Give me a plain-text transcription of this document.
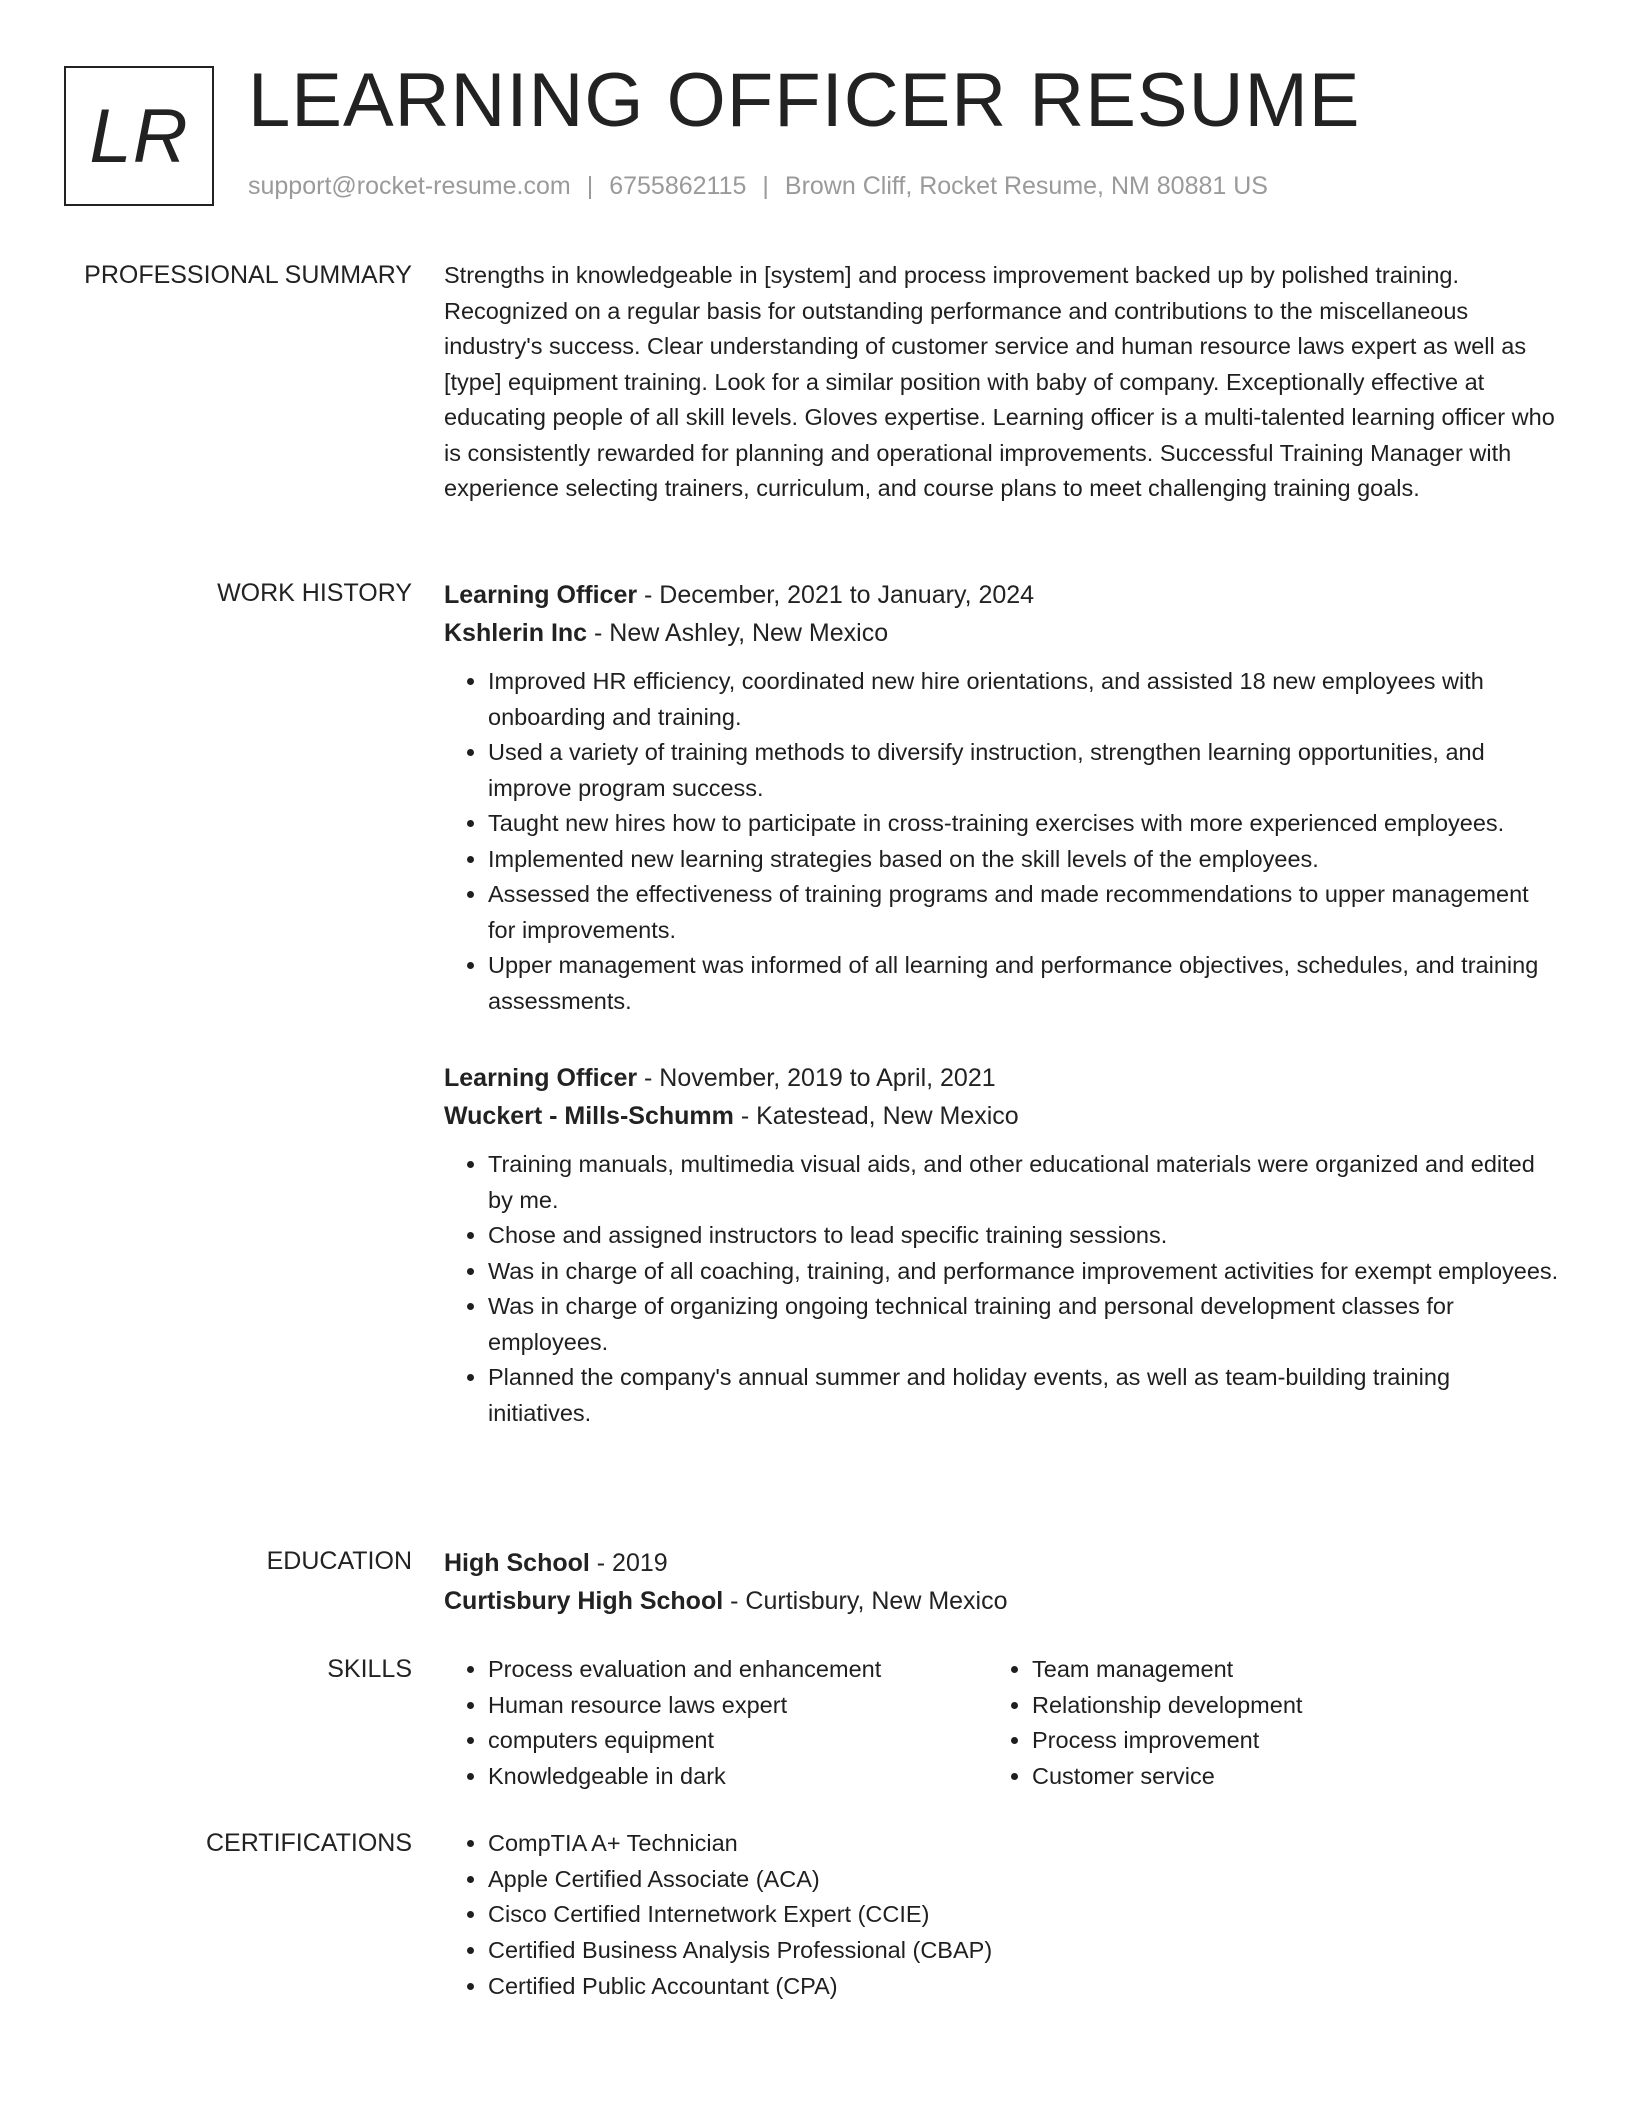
LR LEARNING OFFICER RESUME
support@rocket-resume.com | 6755862115 | Brown Cliff, Rocket Resume, NM 80881 US
PROFESSIONAL SUMMARY Strengths in knowledgeable in [system] and process improvement backed up by polished training. Recognized on a regular basis for outstanding performance and contributions to the miscellaneous industry's success. Clear understanding of customer service and human resource laws expert as well as [type] equipment training. Look for a similar position with baby of company. Exceptionally effective at educating people of all skill levels. Gloves expertise. Learning officer is a multi-talented learning officer who is consistently rewarded for planning and operational improvements. Successful Training Manager with experience selecting trainers, curriculum, and course plans to meet challenging training goals.

WORK HISTORY Learning Officer - December, 2021 to January, 2024
Kshlerin Inc - New Ashley, New Mexico
• Improved HR efficiency, coordinated new hire orientations, and assisted 18 new employees with onboarding and training.
• Used a variety of training methods to diversify instruction, strengthen learning opportunities, and improve program success.
• Taught new hires how to participate in cross-training exercises with more experienced employees.
• Implemented new learning strategies based on the skill levels of the employees.
• Assessed the effectiveness of training programs and made recommendations to upper management for improvements.
• Upper management was informed of all learning and performance objectives, schedules, and training assessments.
Learning Officer - November, 2019 to April, 2021
Wuckert - Mills-Schumm - Katestead, New Mexico
• Training manuals, multimedia visual aids, and other educational materials were organized and edited by me.
• Chose and assigned instructors to lead specific training sessions.
• Was in charge of all coaching, training, and performance improvement activities for exempt employees.
• Was in charge of organizing ongoing technical training and personal development classes for employees.
• Planned the company's annual summer and holiday events, as well as team-building training initiatives.
EDUCATION High School - 2019
Curtisbury High School - Curtisbury, New Mexico
SKILLS	• Process evaluation and enhancement
• Human resource laws expert
• computers equipment
• Knowledgeable in dark
• Team management
• Relationship development
• Process improvement
• Customer service
CERTIFICATIONS	• CompTIA A+ Technician
• Apple Certified Associate (ACA)
• Cisco Certified Internetwork Expert (CCIE)
• Certified Business Analysis Professional (CBAP)
• Certified Public Accountant (CPA)
